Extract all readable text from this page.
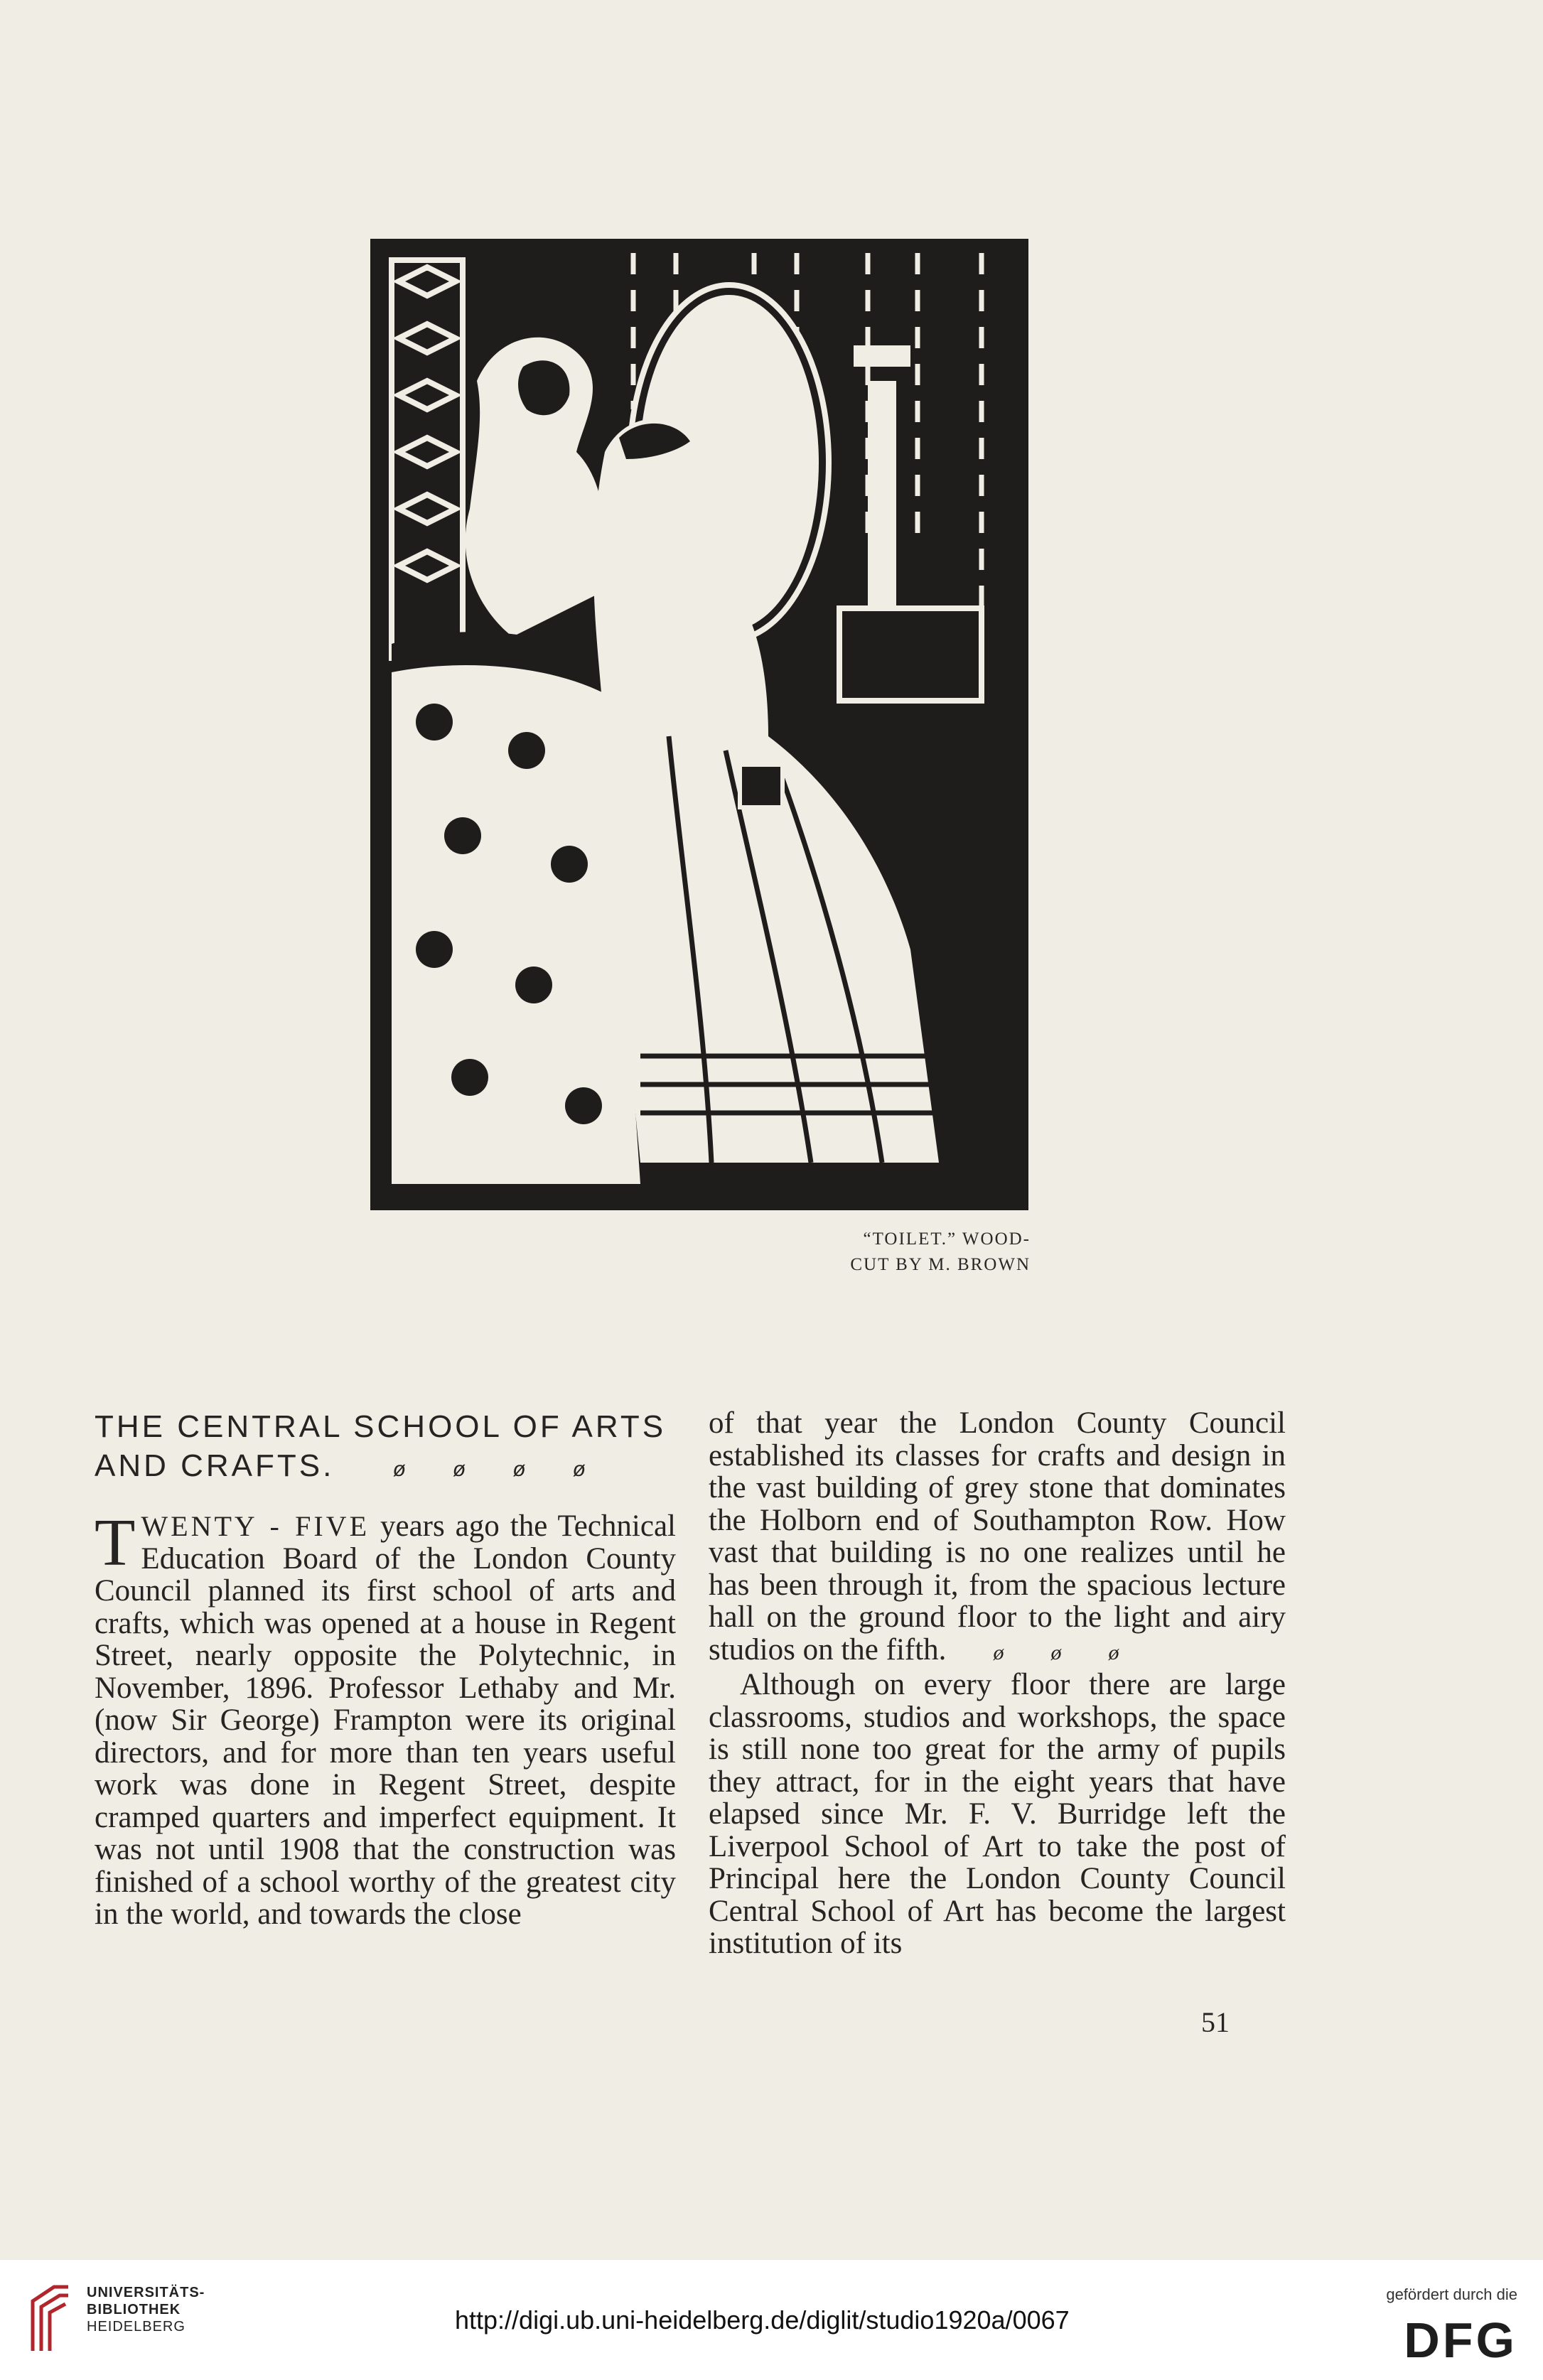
“TOILET.” WOOD-
CUT BY M. BROWN
THE CENTRAL SCHOOL OF ARTS
AND CRAFTS.	ø ø ø ø

TWENTY - FIVE years ago the Technical Education Board of the London County Council planned its first school of arts and crafts, which was opened at a house in Regent Street, nearly opposite the Polytechnic, in November, 1896. Professor Lethaby and Mr. (now Sir George) Frampton were its original directors, and for more than ten years useful work was done in Regent Street, despite cramped quarters and imperfect equipment. It was not until 1908 that the construction was finished of a school worthy of the greatest city in the world, and towards the close

of that year the London County Council established its classes for crafts and design in the vast building of grey stone that dominates the Holborn end of Southampton Row. How vast that building is no one realizes until he has been through it, from the spacious lecture hall on the ground floor to the light and airy studios on the fifth. ø ø ø

Although on every floor there are large classrooms, studios and workshops, the space is still none too great for the army of pupils they attract, for in the eight years that have elapsed since Mr. F. V. Burridge left the Liverpool School of Art to take the post of Principal here the London County Council Central School of Art has become the largest institution of its

51
UNIVERSITÄTS-
BIBLIOTHEK
HEIDELBERG	http://digi.ub.uni-heidelberg.de/diglit/studio1920a/0067
gefördert durch die
DFG
